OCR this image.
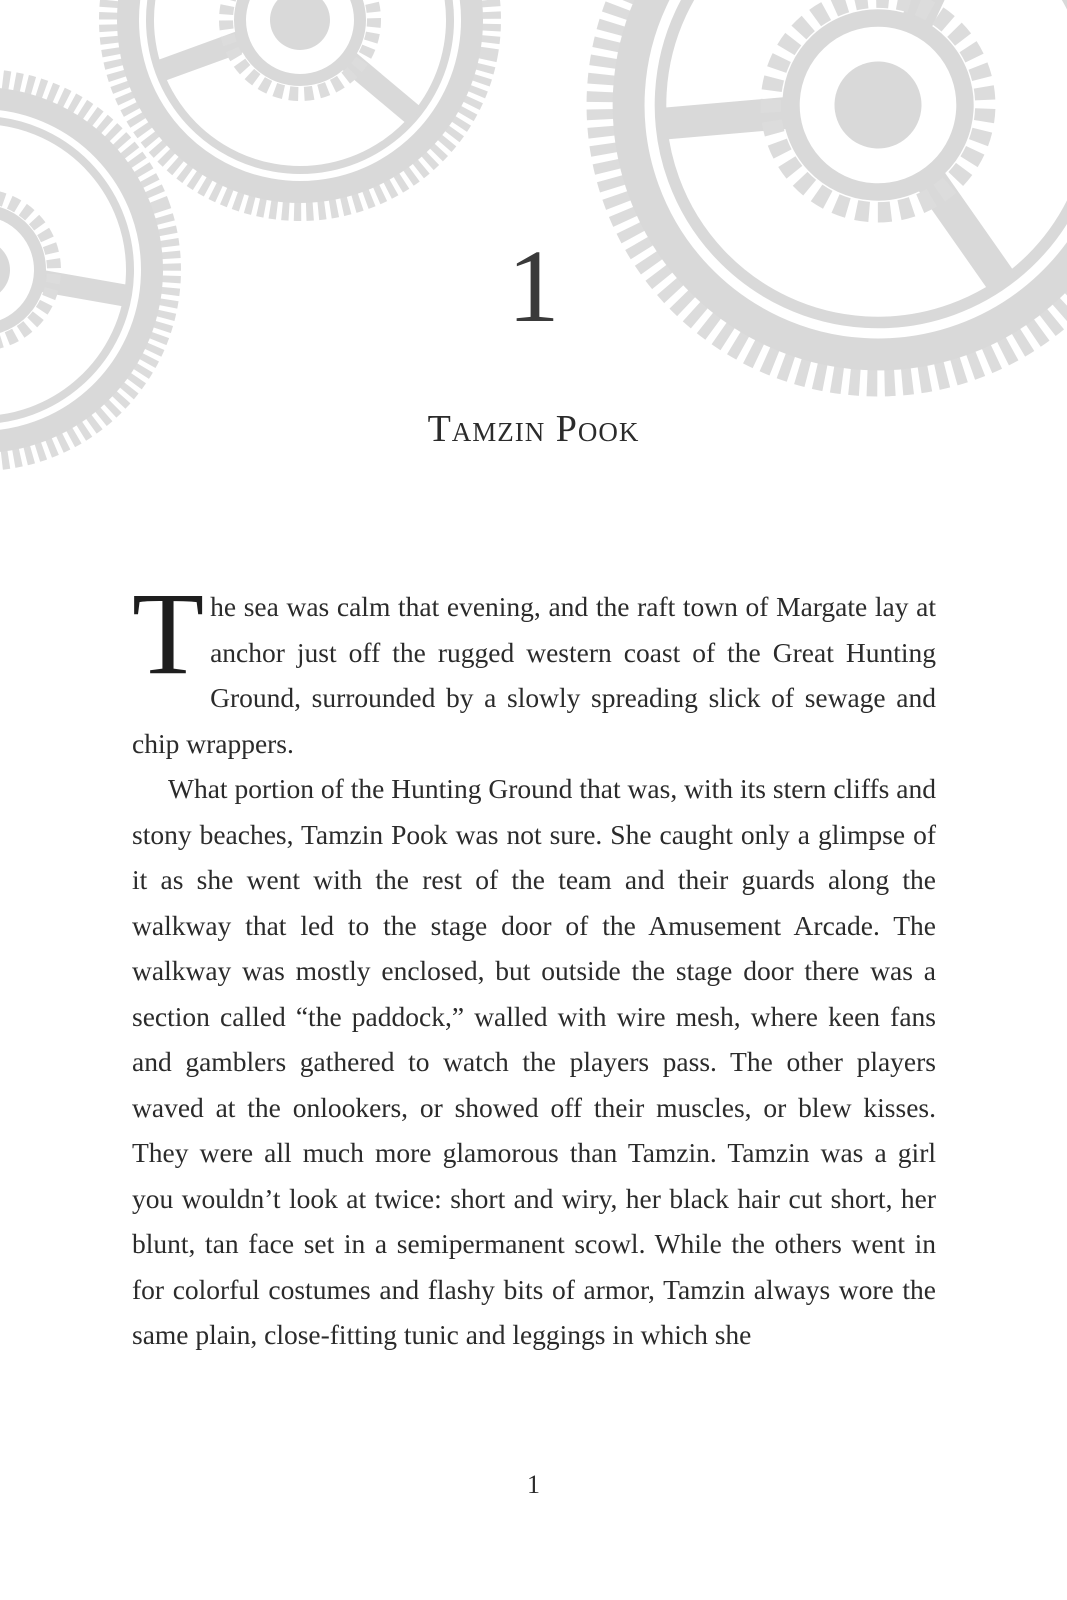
1
Tamzin Pook

The sea was calm that evening, and the raft town of Margate lay at anchor just off the rugged western coast of the Great Hunting Ground, surrounded by a slowly spreading slick of sewage and chip wrappers.

What portion of the Hunting Ground that was, with its stern cliffs and stony beaches, Tamzin Pook was not sure. She caught only a glimpse of it as she went with the rest of the team and their guards along the walkway that led to the stage door of the Amusement Arcade. The walkway was mostly enclosed, but outside the stage door there was a section called “the paddock,” walled with wire mesh, where keen fans and gamblers gathered to watch the players pass. The other players waved at the onlookers, or showed off their muscles, or blew kisses. They were all much more glamorous than Tamzin. Tamzin was a girl you wouldn’t look at twice: short and wiry, her black hair cut short, her blunt, tan face set in a semipermanent scowl. While the others went in for colorful costumes and flashy bits of armor, Tamzin always wore the same plain, close-fitting tunic and leggings in which she

1
